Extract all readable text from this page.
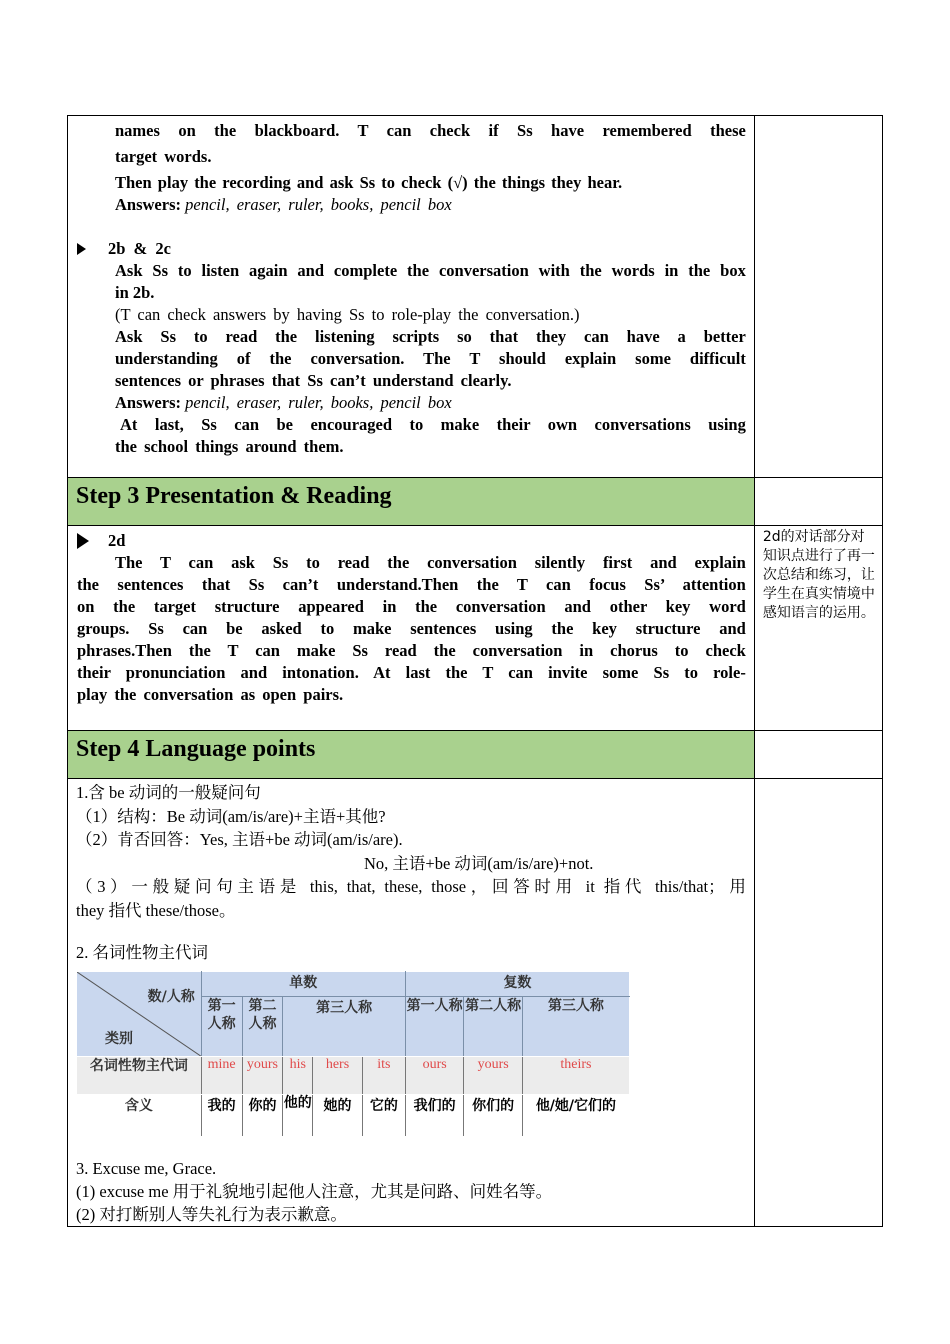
names on the blackboard. T can check if Ss have remembered these

target words.

Then play the recording and ask Ss to check (√) the things they hear.

Answers: pencil, eraser, ruler, books, pencil box

2b & 2c

Ask Ss to listen again and complete the conversation with the words in the box

in 2b.

(T can check answers by having Ss to role-play the conversation.)

Ask Ss to read the listening scripts so that they can have a better

understanding of the conversation. The T should explain some difficult

sentences or phrases that Ss can’t understand clearly.

Answers: pencil, eraser, ruler, books, pencil box

At last, Ss can be encouraged to make their own conversations using

the school things around them.

Step 3 Presentation & Reading

2d

The T can ask Ss to read the conversation silently first and explain

the sentences that Ss can’t understand.Then the T can focus Ss’ attention

on the target structure appeared in the conversation and other key word

groups. Ss can be asked to make sentences using the key structure and

phrases.Then the T can make Ss read the conversation in chorus to check

their pronunciation and intonation. At last the T can invite some Ss to role-

play the conversation as open pairs.

2d的对话部分对知识点进行了再一次总结和练习，让学生在真实情境中感知语言的运用。

Step 4 Language points

1.含 be 动词的一般疑问句

（1）结构：Be 动词(am/is/are)+主语+其他?

（2）肯否回答：Yes, 主语+be 动词(am/is/are).

No, 主语+be 动词(am/is/are)+not.

（3）一般疑问句主语是 this, that, these, those，回答时用 it 指代 this/that；用

they 指代 these/those。

2. 名词性物主代词

数/人称
类别
	单数	复数
第一人称	第二人称	第三人称	第一人称	第二人称	第三人称
名词性物主代词	mine	yours	his	hers	its	ours	yours	theirs
含义	我的	你的	他的	她的	它的	我们的	你们的	他/她/它们的

3. Excuse me, Grace.

(1) excuse me 用于礼貌地引起他人注意，尤其是问路、问姓名等。

(2) 对打断别人等失礼行为表示歉意。
